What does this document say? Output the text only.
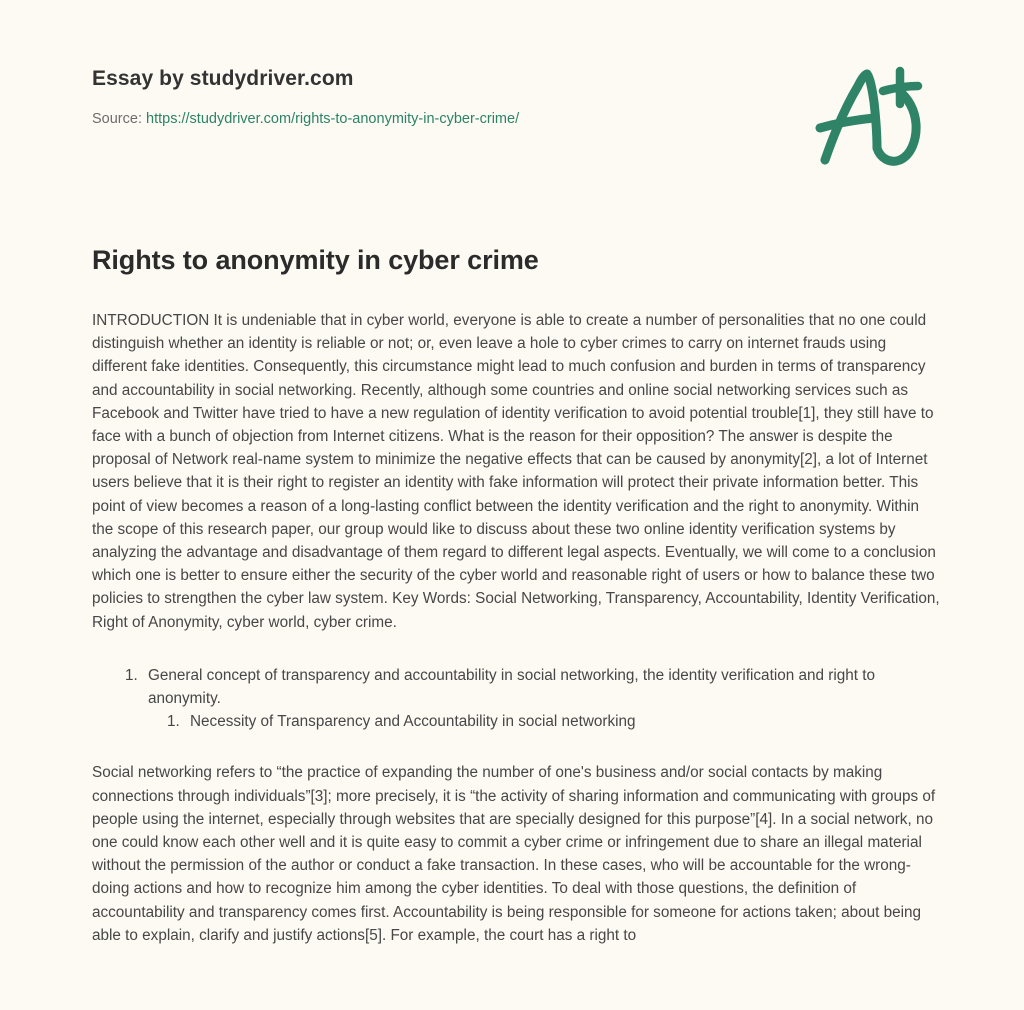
Essay by studydriver.com
Source: https://studydriver.com/rights-to-anonymity-in-cyber-crime/
Rights to anonymity in cyber crime

INTRODUCTION It is undeniable that in cyber world, everyone is able to create a number of personalities that no one could distinguish whether an identity is reliable or not; or, even leave a hole to cyber crimes to carry on internet frauds using different fake identities. Consequently, this circumstance might lead to much confusion and burden in terms of transparency and accountability in social networking. Recently, although some countries and online social networking services such as Facebook and Twitter have tried to have a new regulation of identity verification to avoid potential trouble[1], they still have to face with a bunch of objection from Internet citizens. What is the reason for their opposition? The answer is despite the proposal of Network real-name system to minimize the negative effects that can be caused by anonymity[2], a lot of Internet users believe that it is their right to register an identity with fake information will protect their private information better. This point of view becomes a reason of a long-lasting conflict between the identity verification and the right to anonymity. Within the scope of this research paper, our group would like to discuss about these two online identity verification systems by analyzing the advantage and disadvantage of them regard to different legal aspects. Eventually, we will come to a conclusion which one is better to ensure either the security of the cyber world and reasonable right of users or how to balance these two policies to strengthen the cyber law system. Key Words: Social Networking, Transparency, Accountability, Identity Verification, Right of Anonymity, cyber world, cyber crime.

1. General concept of transparency and accountability in social networking, the identity verification and right to anonymity.
1. Necessity of Transparency and Accountability in social networking

Social networking refers to “the practice of expanding the number of one's business and/or social contacts by making connections through individuals”[3]; more precisely, it is “the activity of sharing information and communicating with groups of people using the internet, especially through websites that are specially designed for this purpose”[4]. In a social network, no one could know each other well and it is quite easy to commit a cyber crime or infringement due to share an illegal material without the permission of the author or conduct a fake transaction. In these cases, who will be accountable for the wrong-doing actions and how to recognize him among the cyber identities. To deal with those questions, the definition of accountability and transparency comes first. Accountability is being responsible for someone for actions taken; about being able to explain, clarify and justify actions[5]. For example, the court has a right to
